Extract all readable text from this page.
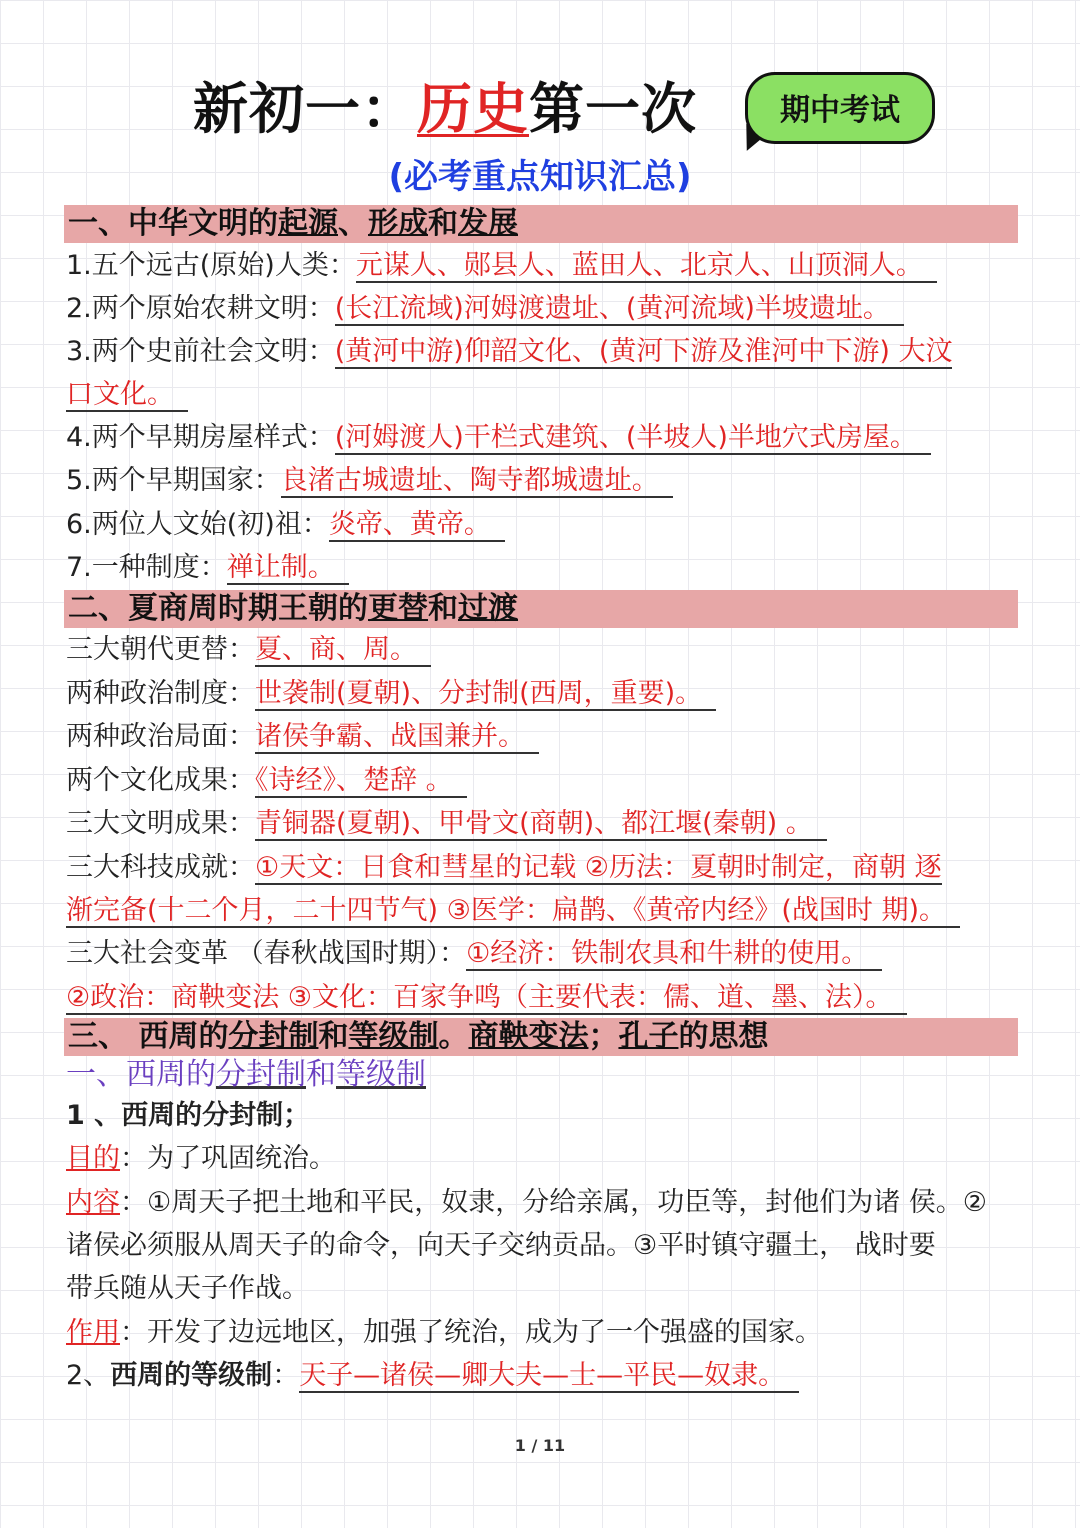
新初一：历史第一次	期中考试
(必考重点知识汇总)
一、中华文明的起源、形成和发展
1.五个远古(原始)人类：元谋人、郧县人、蓝田人、北京人、山顶洞人。
2.两个原始农耕文明：(长江流域)河姆渡遗址、(黄河流域)半坡遗址。
3.两个史前社会文明：(黄河中游)仰韶文化、(黄河下游及淮河中下游) 大汶
口文化。
4.两个早期房屋样式：(河姆渡人)干栏式建筑、(半坡人)半地穴式房屋。
5.两个早期国家：良渚古城遗址、陶寺都城遗址。
6.两位人文始(初)祖：炎帝、黄帝。
7.一种制度：禅让制。
二、夏商周时期王朝的更替和过渡
三大朝代更替：夏、商、周。
两种政治制度：世袭制(夏朝)、分封制(西周，重要)。
两种政治局面：诸侯争霸、战国兼并。
两个文化成果：《诗经》、楚辞 。
三大文明成果：青铜器(夏朝)、甲骨文(商朝)、都江堰(秦朝) 。
三大科技成就：①天文：日食和彗星的记载 ②历法：夏朝时制定，商朝 逐
渐完备(十二个月，二十四节气) ③医学：扁鹊、《黄帝内经》(战国时 期)。
三大社会变革 （春秋战国时期）：①经济：铁制农具和牛耕的使用。
②政治：商鞅变法 ③文化：百家争鸣（主要代表：儒、道、墨、法）。
三、 西周的分封制和等级制。商鞅变法；孔子的思想
一、西周的分封制和等级制
1 、西周的分封制；
目的：为了巩固统治。
内容：①周天子把土地和平民，奴隶，分给亲属，功臣等，封他们为诸 侯。②
诸侯必须服从周天子的命令，向天子交纳贡品。③平时镇守疆土， 战时要
带兵随从天子作战。
作用：开发了边远地区，加强了统治，成为了一个强盛的国家。
2、西周的等级制：天子—诸侯—卿大夫—士—平民—奴隶。
1 / 11
